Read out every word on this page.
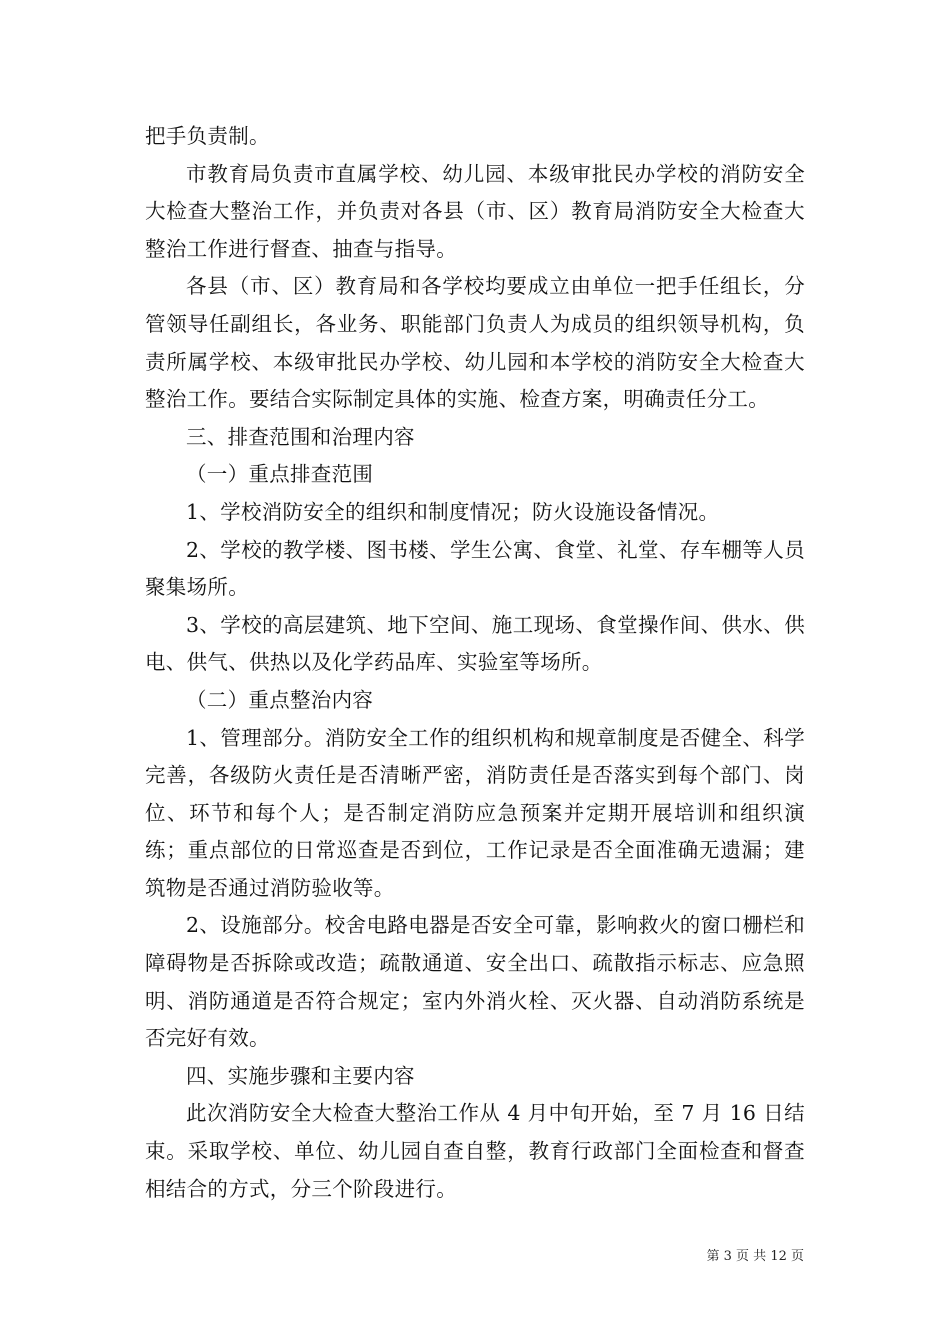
把手负责制。

市教育局负责市直属学校、幼儿园、本级审批民办学校的消防安全大检查大整治工作，并负责对各县（市、区）教育局消防安全大检查大整治工作进行督查、抽查与指导。

各县（市、区）教育局和各学校均要成立由单位一把手任组长，分管领导任副组长，各业务、职能部门负责人为成员的组织领导机构，负责所属学校、本级审批民办学校、幼儿园和本学校的消防安全大检查大整治工作。要结合实际制定具体的实施、检查方案，明确责任分工。

三、排查范围和治理内容

（一）重点排查范围

1、学校消防安全的组织和制度情况；防火设施设备情况。

2、学校的教学楼、图书楼、学生公寓、食堂、礼堂、存车棚等人员聚集场所。

3、学校的高层建筑、地下空间、施工现场、食堂操作间、供水、供电、供气、供热以及化学药品库、实验室等场所。

（二）重点整治内容

1、管理部分。消防安全工作的组织机构和规章制度是否健全、科学完善，各级防火责任是否清晰严密，消防责任是否落实到每个部门、岗位、环节和每个人；是否制定消防应急预案并定期开展培训和组织演练；重点部位的日常巡查是否到位，工作记录是否全面准确无遗漏；建筑物是否通过消防验收等。

2、设施部分。校舍电路电器是否安全可靠，影响救火的窗口栅栏和障碍物是否拆除或改造；疏散通道、安全出口、疏散指示标志、应急照明、消防通道是否符合规定；室内外消火栓、灭火器、自动消防系统是否完好有效。

四、实施步骤和主要内容

此次消防安全大检查大整治工作从 4 月中旬开始，至 7 月 16 日结束。采取学校、单位、幼儿园自查自整，教育行政部门全面检查和督查相结合的方式，分三个阶段进行。

第 3 页 共 12 页
